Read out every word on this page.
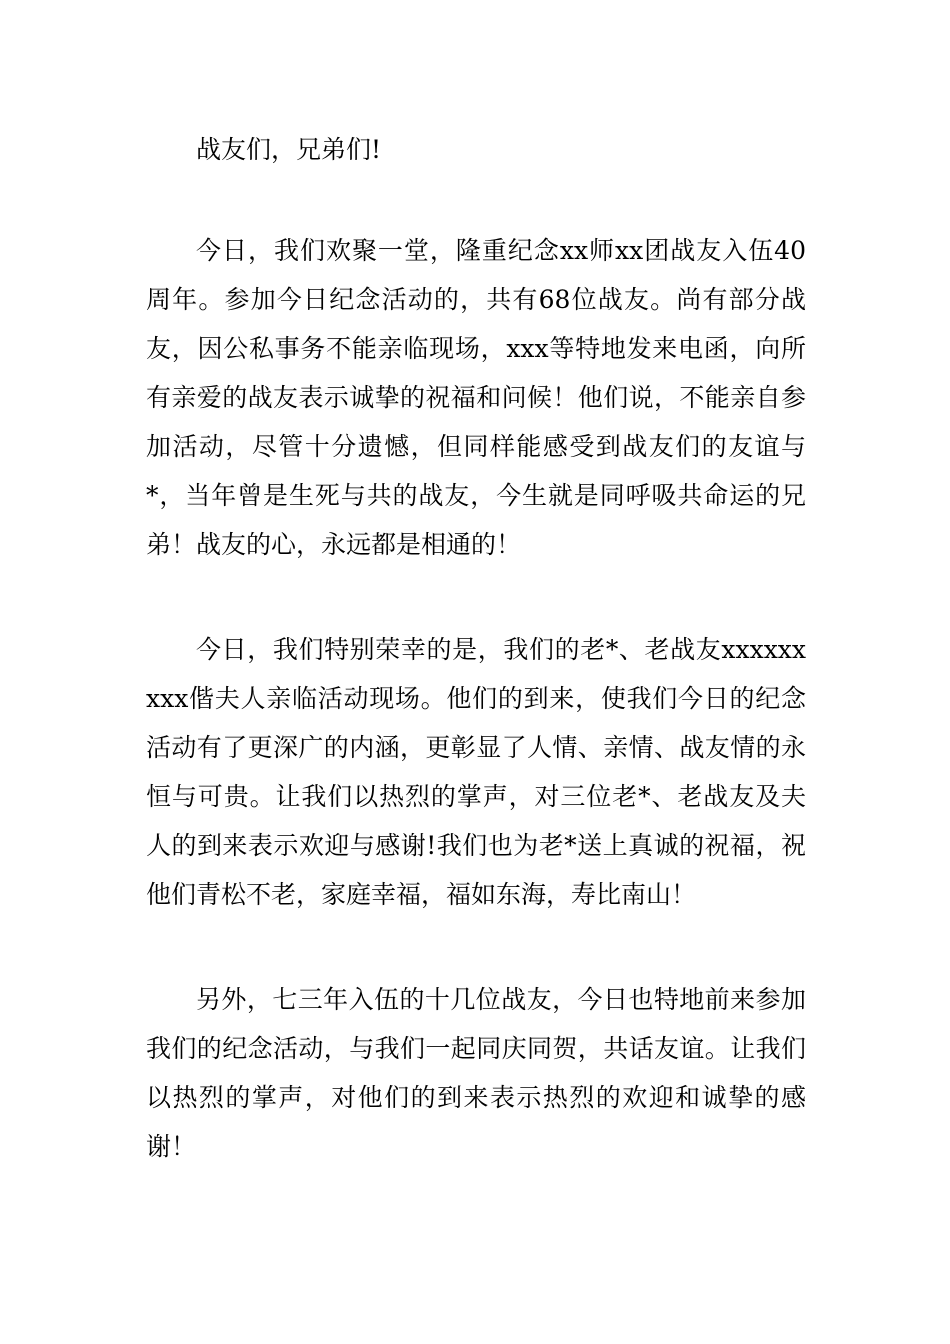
战友们，兄弟们!

今日，我们欢聚一堂，隆重纪念xx师xx团战友入伍40周年。参加今日纪念活动的，共有68位战友。尚有部分战友，因公私事务不能亲临现场，xxx等特地发来电函，向所有亲爱的战友表示诚挚的祝福和问候！他们说，不能亲自参加活动，尽管十分遗憾，但同样能感受到战友们的友谊与*，当年曾是生死与共的战友，今生就是同呼吸共命运的兄弟！战友的心，永远都是相通的！

今日，我们特别荣幸的是，我们的老*、老战友xxxxxxxxx偕夫人亲临活动现场。他们的到来，使我们今日的纪念活动有了更深广的内涵，更彰显了人情、亲情、战友情的永恒与可贵。让我们以热烈的掌声，对三位老*、老战友及夫人的到来表示欢迎与感谢!我们也为老*送上真诚的祝福，祝他们青松不老，家庭幸福，福如东海，寿比南山！

另外，七三年入伍的十几位战友，今日也特地前来参加我们的纪念活动，与我们一起同庆同贺，共话友谊。让我们以热烈的掌声，对他们的到来表示热烈的欢迎和诚挚的感谢！
